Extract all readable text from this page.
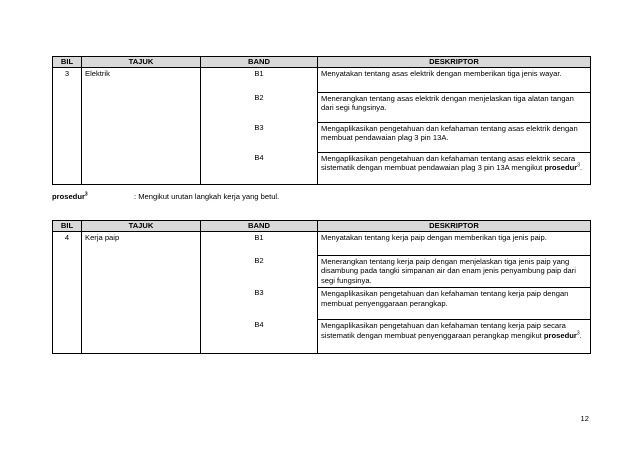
BIL	TAJUK	BAND	DESKRIPTOR
3	Elektrik	B1	Menyatakan tentang asas elektrik dengan memberikan tiga jenis wayar.
		B2	Menerangkan tentang asas elektrik dengan menjelaskan tiga alatan tangan dari segi fungsinya.
		B3	Mengaplikasikan pengetahuan dan kefahaman tentang asas elektrik dengan membuat pendawaian plag 3 pin 13A.
		B4	Mengaplikasikan pengetahuan dan kefahaman tentang asas elektrik secara sistematik dengan membuat pendawaian plag 3 pin 13A mengikut prosedur$^3$.
prosedur$^3$	: Mengikut urutan langkah kerja yang betul.
BIL	TAJUK	BAND	DESKRIPTOR
4	Kerja paip	B1	Menyatakan tentang kerja paip dengan memberikan tiga jenis paip.
		B2	Menerangkan tentang kerja paip dengan menjelaskan tiga jenis paip yang disambung pada tangki simpanan air dan enam jenis penyambung paip dari segi fungsinya.
		B3	Mengaplikasikan pengetahuan dan kefahaman tentang kerja paip dengan membuat penyenggaraan perangkap.
		B4	Mengaplikasikan pengetahuan dan kefahaman tentang kerja paip secara sistematik dengan membuat penyenggaraan perangkap mengikut prosedur$^3$.
12
